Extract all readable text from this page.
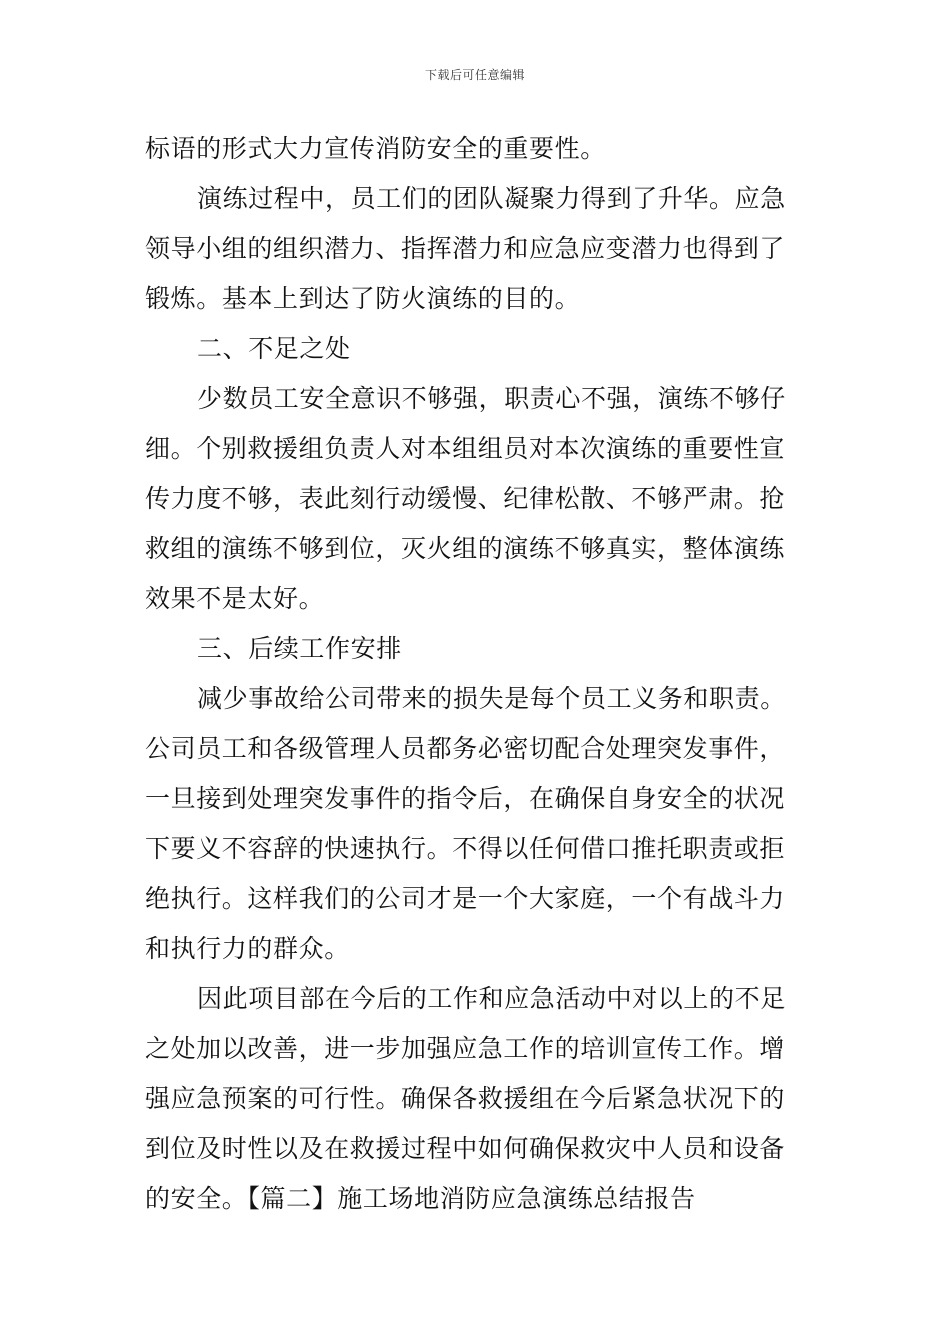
下载后可任意编辑
标语的形式大力宣传消防安全的重要性。
演练过程中，员工们的团队凝聚力得到了升华。应急
领导小组的组织潜力、指挥潜力和应急应变潜力也得到了
锻炼。基本上到达了防火演练的目的。
二、不足之处
少数员工安全意识不够强，职责心不强，演练不够仔
细。个别救援组负责人对本组组员对本次演练的重要性宣
传力度不够，表此刻行动缓慢、纪律松散、不够严肃。抢
救组的演练不够到位，灭火组的演练不够真实，整体演练
效果不是太好。
三、后续工作安排
减少事故给公司带来的损失是每个员工义务和职责。
公司员工和各级管理人员都务必密切配合处理突发事件，
一旦接到处理突发事件的指令后，在确保自身安全的状况
下要义不容辞的快速执行。不得以任何借口推托职责或拒
绝执行。这样我们的公司才是一个大家庭，一个有战斗力
和执行力的群众。
因此项目部在今后的工作和应急活动中对以上的不足
之处加以改善，进一步加强应急工作的培训宣传工作。增
强应急预案的可行性。确保各救援组在今后紧急状况下的
到位及时性以及在救援过程中如何确保救灾中人员和设备
的安全。【篇二】施工场地消防应急演练总结报告
